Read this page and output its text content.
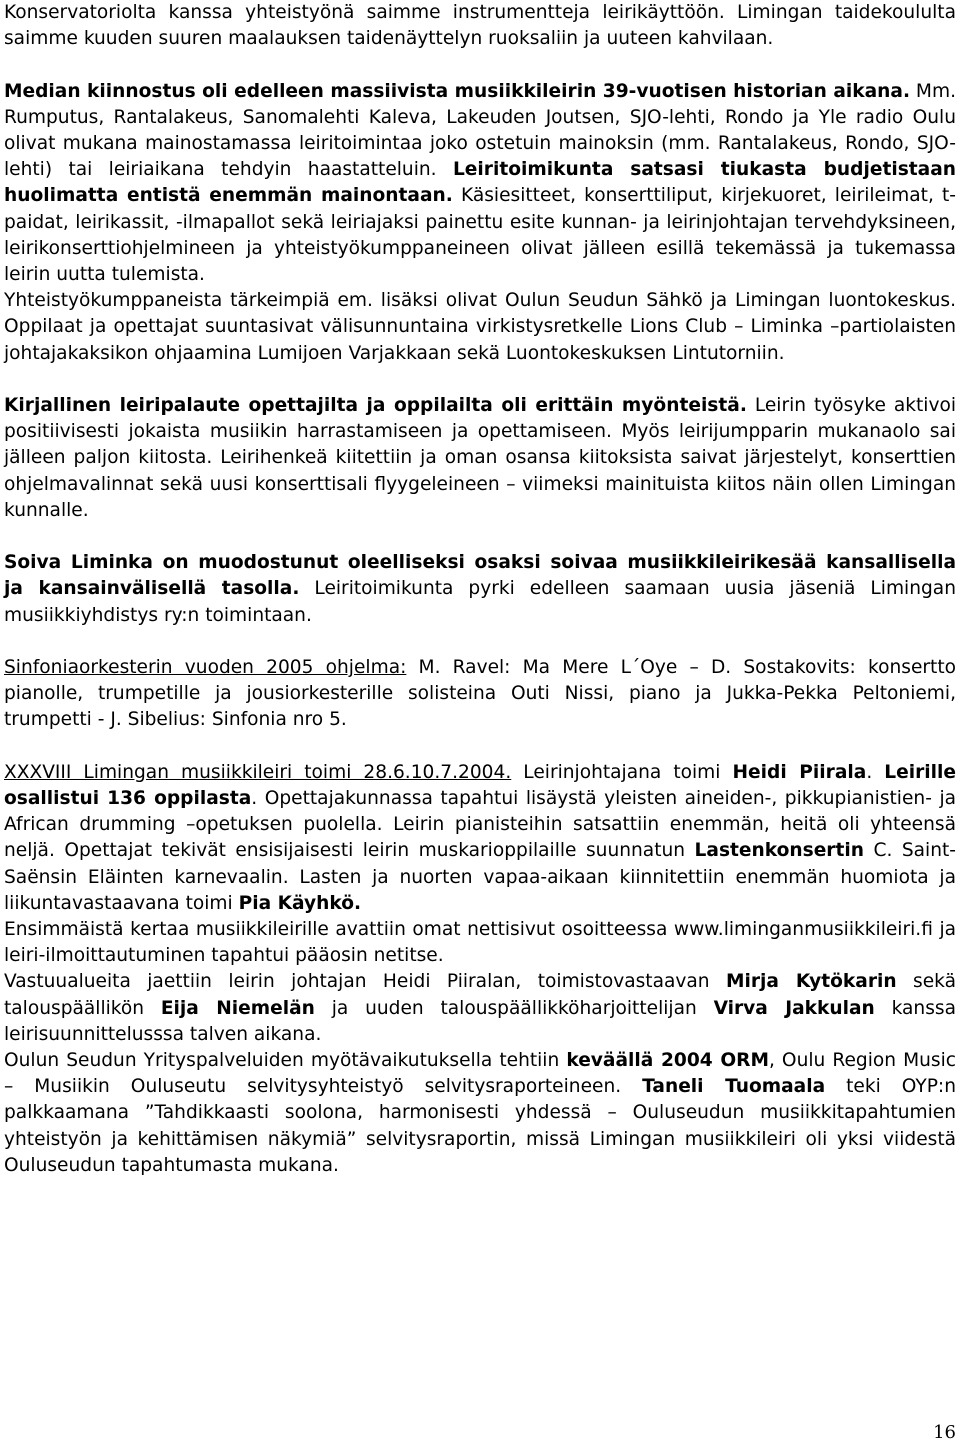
Konservatoriolta kanssa yhteistyönä saimme instrumentteja leirikäyttöön. Limingan taidekoululta saimme kuuden suuren maalauksen taidenäyttelyn ruoksaliin ja uuteen kahvilaan.

Median kiinnostus oli edelleen massiivista musiikkileirin 39-vuotisen historian aikana. Mm. Rumputus, Rantalakeus, Sanomalehti Kaleva, Lakeuden Joutsen, SJO-lehti, Rondo ja Yle radio Oulu olivat mukana mainostamassa leiritoimintaa joko ostetuin mainoksin (mm. Rantalakeus, Rondo, SJO-lehti) tai leiriaikana tehdyin haastatteluin. Leiritoimikunta satsasi tiukasta budjetistaan huolimatta entistä enemmän mainontaan. Käsiesitteet, konserttiliput, kirjekuoret, leirileimat, t-paidat, leirikassit, -ilmapallot sekä leiriajaksi painettu esite kunnan- ja leirinjohtajan tervehdyksineen, leirikonserttiohjelmineen ja yhteistyökumppaneineen olivat jälleen esillä tekemässä ja tukemassa leirin uutta tulemista.

Yhteistyökumppaneista tärkeimpiä em. lisäksi olivat Oulun Seudun Sähkö ja Limingan luontokeskus. Oppilaat ja opettajat suuntasivat välisunnuntaina virkistysretkelle Lions Club – Liminka –partiolaisten johtajakaksikon ohjaamina Lumijoen Varjakkaan sekä Luontokeskuksen Lintutorniin.

Kirjallinen leiripalaute opettajilta ja oppilailta oli erittäin myönteistä. Leirin työsyke aktivoi positiivisesti jokaista musiikin harrastamiseen ja opettamiseen. Myös leirijumpparin mukanaolo sai jälleen paljon kiitosta. Leirihenkeä kiitettiin ja oman osansa kiitoksista saivat järjestelyt, konserttien ohjelmavalinnat sekä uusi konserttisali flyygeleineen – viimeksi mainituista kiitos näin ollen Limingan kunnalle.

Soiva Liminka on muodostunut oleelliseksi osaksi soivaa musiikkileirikesää kansallisella ja kansainvälisellä tasolla. Leiritoimikunta pyrki edelleen saamaan uusia jäseniä Limingan musiikkiyhdistys ry:n toimintaan.

Sinfoniaorkesterin vuoden 2005 ohjelma: M. Ravel: Ma Mere L´Oye – D. Sostakovits: konsertto pianolle, trumpetille ja jousiorkesterille solisteina Outi Nissi, piano ja Jukka-Pekka Peltoniemi, trumpetti - J. Sibelius: Sinfonia nro 5.

XXXVIII Limingan musiikkileiri toimi 28.6.10.7.2004. Leirinjohtajana toimi Heidi Piirala. Leirille osallistui 136 oppilasta. Opettajakunnassa tapahtui lisäystä yleisten aineiden-, pikkupianistien- ja African drumming –opetuksen puolella. Leirin pianisteihin satsattiin enemmän, heitä oli yhteensä neljä. Opettajat tekivät ensisijaisesti leirin muskarioppilaille suunnatun Lastenkonsertin C. Saint-Saënsin Eläinten karnevaalin. Lasten ja nuorten vapaa-aikaan kiinnitettiin enemmän huomiota ja liikuntavastaavana toimi Pia Käyhkö.

Ensimmäistä kertaa musiikkileirille avattiin omat nettisivut osoitteessa www.liminganmusiikkileiri.fi ja leiri-ilmoittautuminen tapahtui pääosin netitse.

Vastuualueita jaettiin leirin johtajan Heidi Piiralan, toimistovastaavan Mirja Kytökarin sekä talouspäällikön Eija Niemelän ja uuden talouspäällikköharjoittelijan Virva Jakkulan kanssa leirisuunnittelusssa talven aikana.

Oulun Seudun Yrityspalveluiden myötävaikutuksella tehtiin keväällä 2004 ORM, Oulu Region Music – Musiikin Ouluseutu selvitysyhteistyö selvitysraporteineen. Taneli Tuomaala teki OYP:n palkkaamana ”Tahdikkaasti soolona, harmonisesti yhdessä – Ouluseudun musiikkitapahtumien yhteistyön ja kehittämisen näkymiä” selvitysraportin, missä Limingan musiikkileiri oli yksi viidestä Ouluseudun tapahtumasta mukana.

16
